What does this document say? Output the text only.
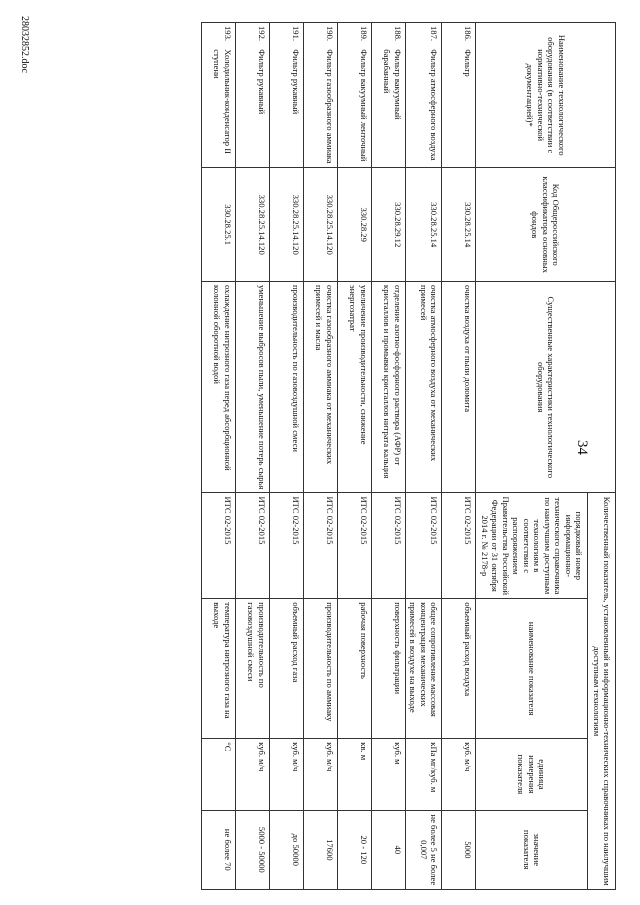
34
Наименование технологического оборудования (в соответствии с нормативно-технической документацией)*		Код Общероссийского классификатора основных фондов	Существенные характеристики технологического оборудования	Количественный показатель, установленный в информационно-технических справочниках по наилучшим доступным технологиям			
				порядковый номер информационно-технического справочника по наилучшим доступным технологиям в соответствии с распоряжением Правительства Российской Федерации от 31 октября 2014 г. № 2178-р	наименование показателя	единица измерения показателя	значение показателя
186.	Фильтр	330.28.25.14	очистка воздуха от пыли доломита	ИТС 02-2015	объемный расход воздуха	куб. м/ч	5000
187.	Фильтр атмосферного воздуха	330.28.25.14	очистка атмосферного воздуха от механических примесей	ИТС 02-2015	общее сопротивление массовая концентрация механических примесей в воздухе на выходе	кПа мг/куб. м	не более 5 не более 0,007
188.	Фильтр вакуумный барабанный	330.28.29.12	отделение азотно-фосфорного раствора (АФР) от кристаллов и промывки кристаллов нитрата кальция	ИТС 02-2015	поверхность фильтрации	куб. м	40
189.	Фильтр вакуумный ленточный	330.28.29	увеличение производительности, снижение энергозатрат	ИТС 02-2015	рабочая поверхность	кв. м	20 - 120
190.	Фильтр газообразного аммиака	330.28.25.14.120	очистка газообразного аммиака от механических примесей и масла	ИТС 02-2015	производительность по аммиаку	куб. м/ч	17600
191.	Фильтр рукавный	330.28.25.14.120	производительность по газовоздушной смеси	ИТС 02-2015	объемный расход газа	куб. м/ч	до 50000
192.	Фильтр рукавный	330.28.25.14.120	уменьшение выбросов пыли, уменьшение потерь сырья	ИТС 02-2015	производительность по газовоздушной смеси	куб. м/ч	5000 - 50000
193.	Холодильник-конденсатор II ступени	330.28.25.1	охлаждение нитрозного газа перед абсорбционной колонной оборотной водой	ИТС 02-2015	температура нитрозного газа на выходе	°С	не более 70
28032852.doc
